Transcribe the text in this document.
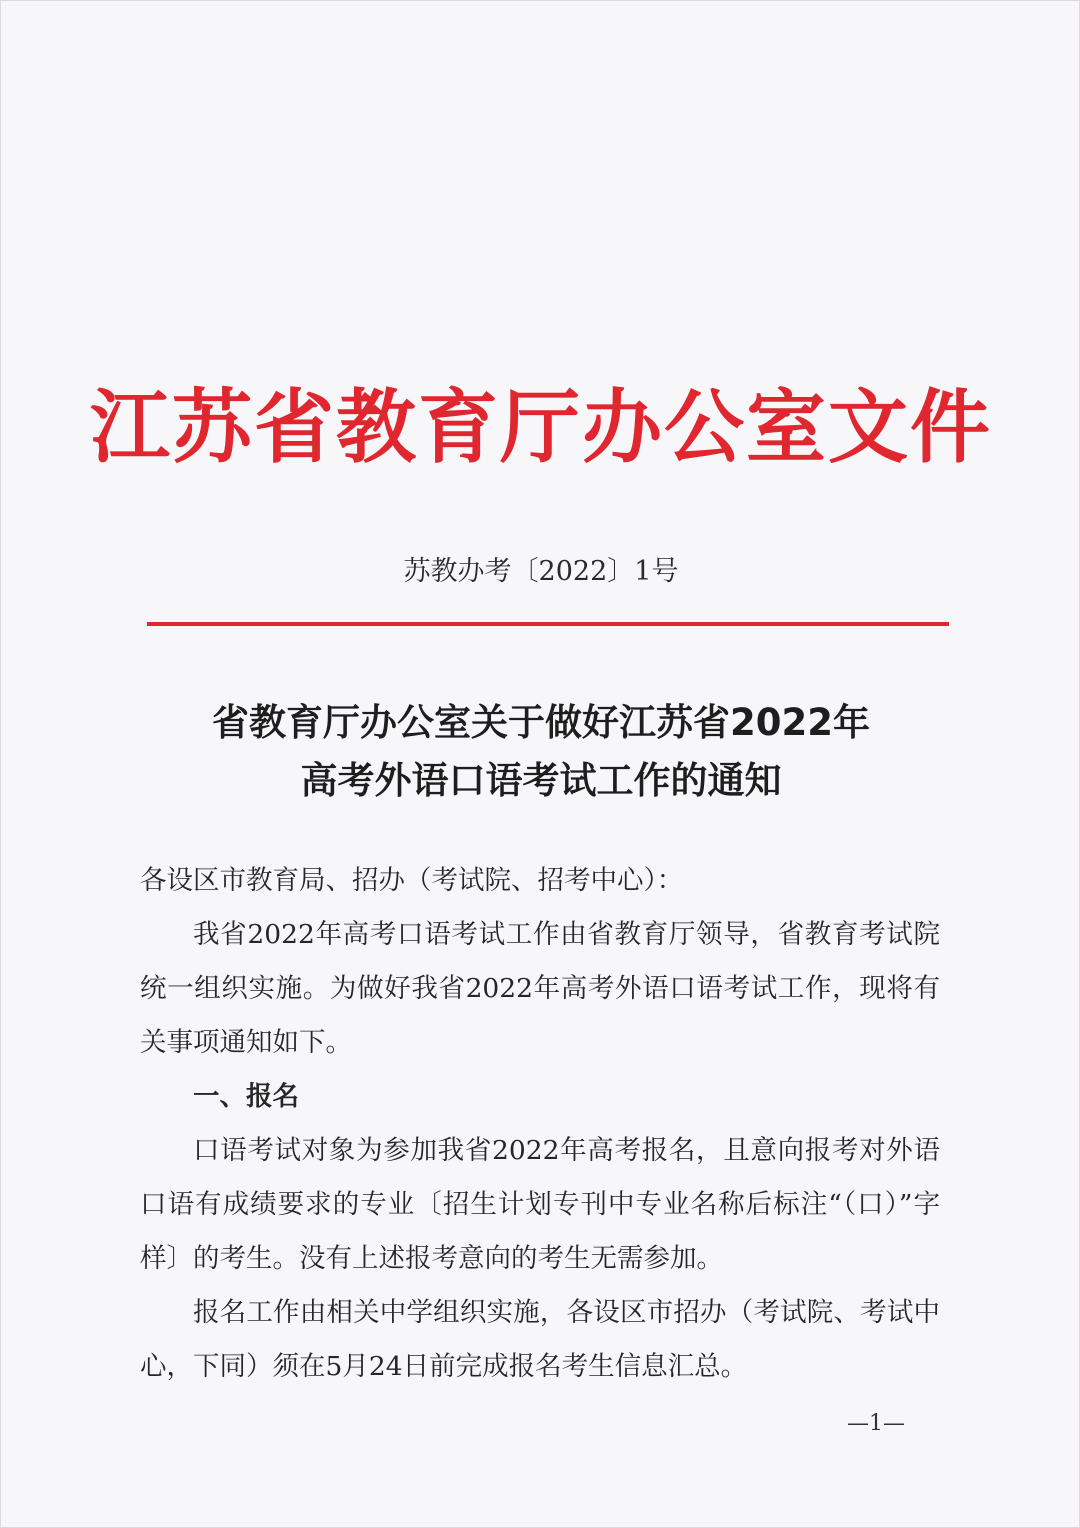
江苏省教育厅办公室文件
苏教办考〔2022〕1号
省教育厅办公室关于做好江苏省2022年
高考外语口语考试工作的通知

各设区市教育局、招办（考试院、招考中心）：

我省2022年高考口语考试工作由省教育厅领导，省教育考试院统一组织实施。为做好我省2022年高考外语口语考试工作，现将有关事项通知如下。

一、报名

口语考试对象为参加我省2022年高考报名，且意向报考对外语口语有成绩要求的专业〔招生计划专刊中专业名称后标注“（口）”字样〕的考生。没有上述报考意向的考生无需参加。

报名工作由相关中学组织实施，各设区市招办（考试院、考试中心，下同）须在5月24日前完成报名考生信息汇总。

—1—
